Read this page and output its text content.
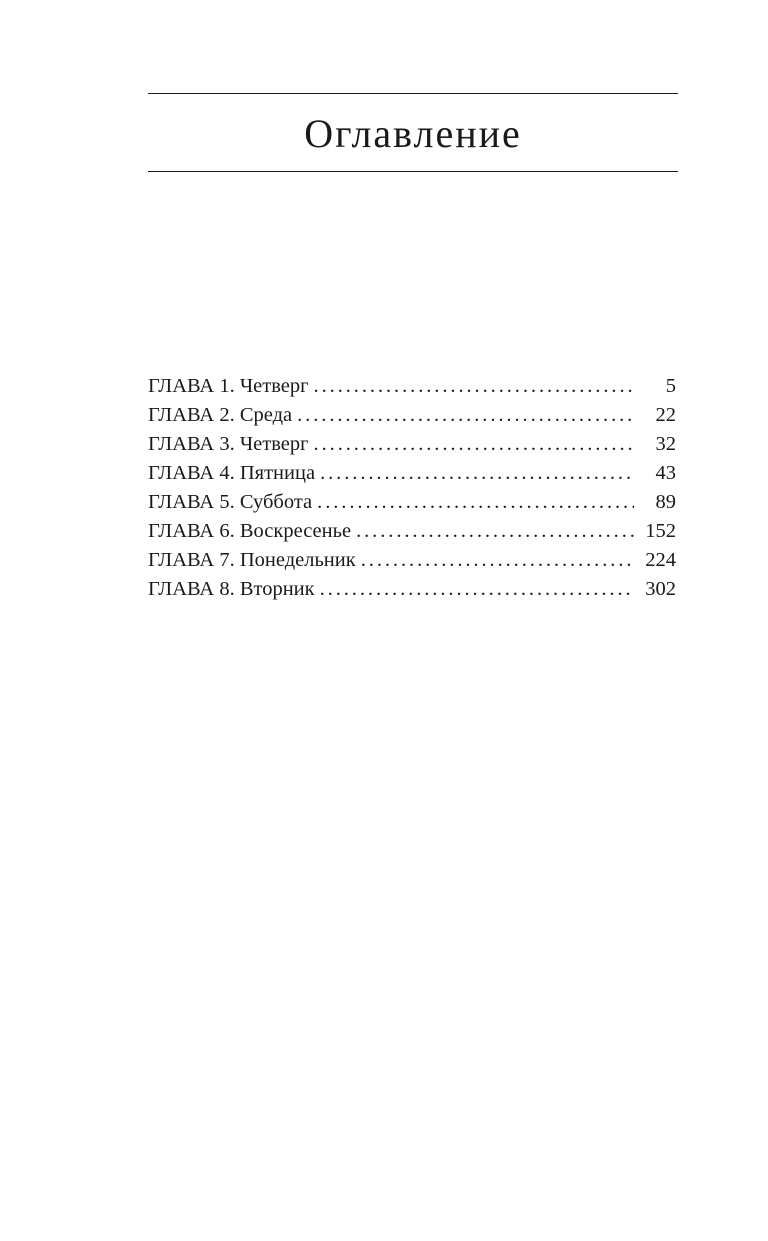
Оглавление
ГЛАВА 1. Четверг . . .	5
ГЛАВА 2. Среда . . .	22
ГЛАВА 3. Четверг . . .	32
ГЛАВА 4. Пятница . . .	43
ГЛАВА 5. Суббота . . .	89
ГЛАВА 6. Воскресенье . . .	152
ГЛАВА 7. Понедельник . . .	224
ГЛАВА 8. Вторник . . .	302
